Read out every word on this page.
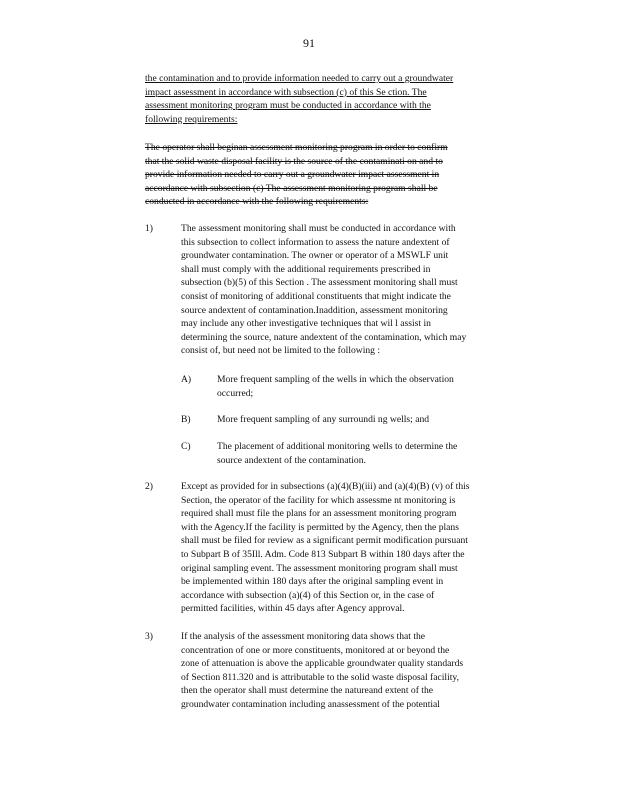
91
the contamination and to provide information needed to carry out a groundwater
impact assessment in accordance with subsection (c) of this Se ction. The
assessment monitoring program must be conducted in accordance with the
following requirements:
The operator shall beginan assessment monitoring program in order to confirm
that the solid waste disposal facility is the source of the contaminati on and to
provide information needed to carry out a groundwater impact assessment in
accordance with subsection (c) The assessment monitoring program shall be
conducted in accordance with the following requirements:
1)	The assessment monitoring shall must be conducted in accordance with
this subsection to collect information to assess the nature andextent of
groundwater contamination. The owner or operator of a MSWLF unit
shall must comply with the additional requirements prescribed in
subsection (b)(5) of this Section . The assessment monitoring shall must
consist of monitoring of additional constituents that might indicate the
source andextent of contamination.Inaddition, assessment monitoring
may include any other investigative techniques that wil l assist in
determining the source, nature andextent of the contamination, which may
consist of, but need not be limited to the following :
A)	More frequent sampling of the wells in which the observation
occurred;
B)	More frequent sampling of any surroundi ng wells; and
C)	The placement of additional monitoring wells to determine the
source andextent of the contamination.
2)	Except as provided for in subsections (a)(4)(B)(iii) and (a)(4)(B) (v) of this
Section, the operator of the facility for which assessme nt monitoring is
required shall must file the plans for an assessment monitoring program
with the Agency.If the facility is permitted by the Agency, then the plans
shall must be filed for review as a significant permit modification pursuant
to Subpart B of 35Ill. Adm. Code 813 Subpart B within 180 days after the
original sampling event. The assessment monitoring program shall must
be implemented within 180 days after the original sampling event in
accordance with subsection (a)(4) of this Section or, in the case of
permitted facilities, within 45 days after Agency approval.
3)	If the analysis of the assessment monitoring data shows that the
concentration of one or more constituents, monitored at or beyond the
zone of attenuation is above the applicable groundwater quality standards
of Section 811.320 and is attributable to the solid waste disposal facility,
then the operator shall must determine the natureand extent of the
groundwater contamination including anassessment of the potential
